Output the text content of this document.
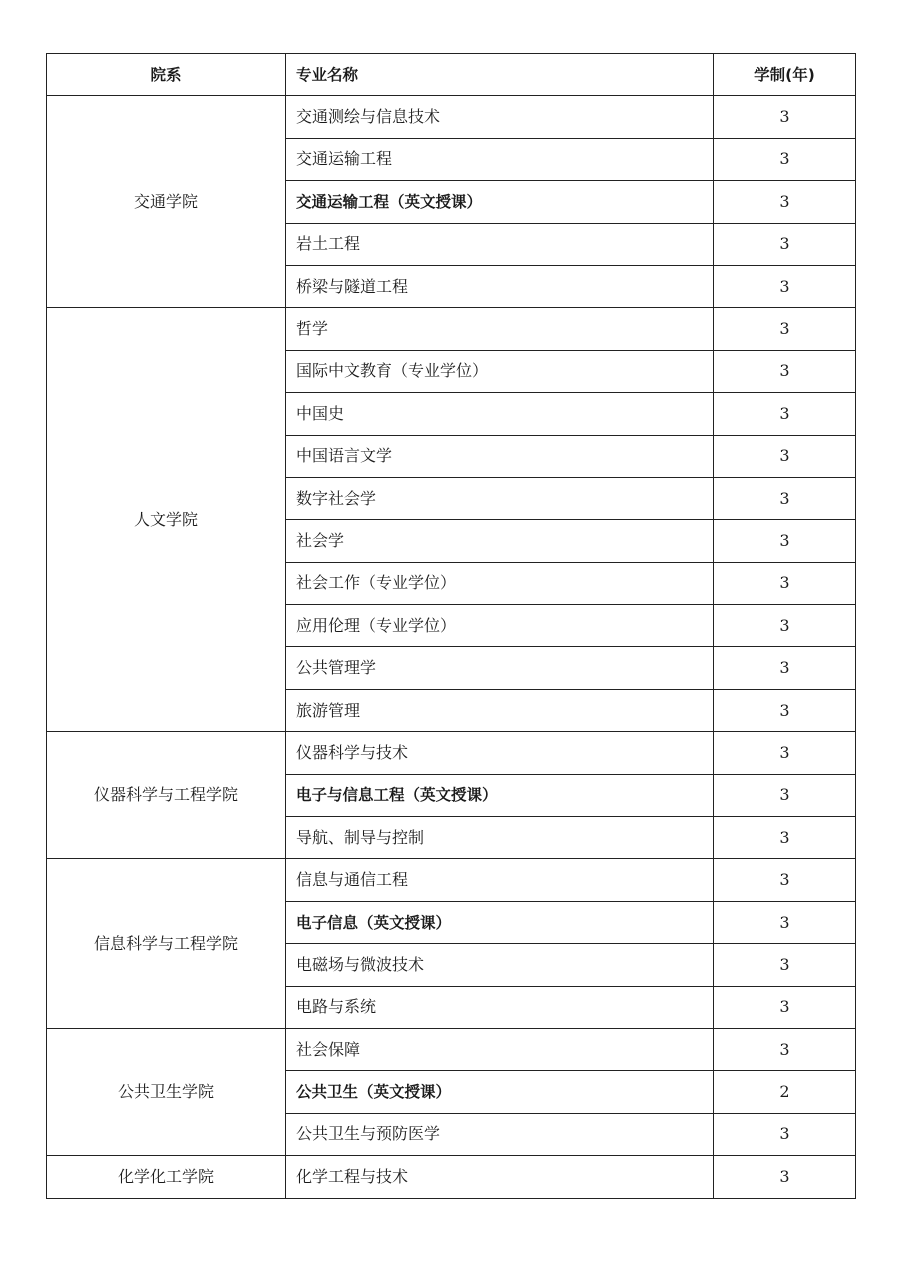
院系	专业名称	学制(年)
交通学院	交通测绘与信息技术	3
	交通运输工程	3
	交通运输工程（英文授课）	3
	岩土工程	3
	桥梁与隧道工程	3
人文学院	哲学	3
	国际中文教育（专业学位）	3
	中国史	3
	中国语言文学	3
	数字社会学	3
	社会学	3
	社会工作（专业学位）	3
	应用伦理（专业学位）	3
	公共管理学	3
	旅游管理	3
仪器科学与工程学院	仪器科学与技术	3
	电子与信息工程（英文授课）	3
	导航、制导与控制	3
信息科学与工程学院	信息与通信工程	3
	电子信息（英文授课）	3
	电磁场与微波技术	3
	电路与系统	3
公共卫生学院	社会保障	3
	公共卫生（英文授课）	2
	公共卫生与预防医学	3
化学化工学院	化学工程与技术	3
